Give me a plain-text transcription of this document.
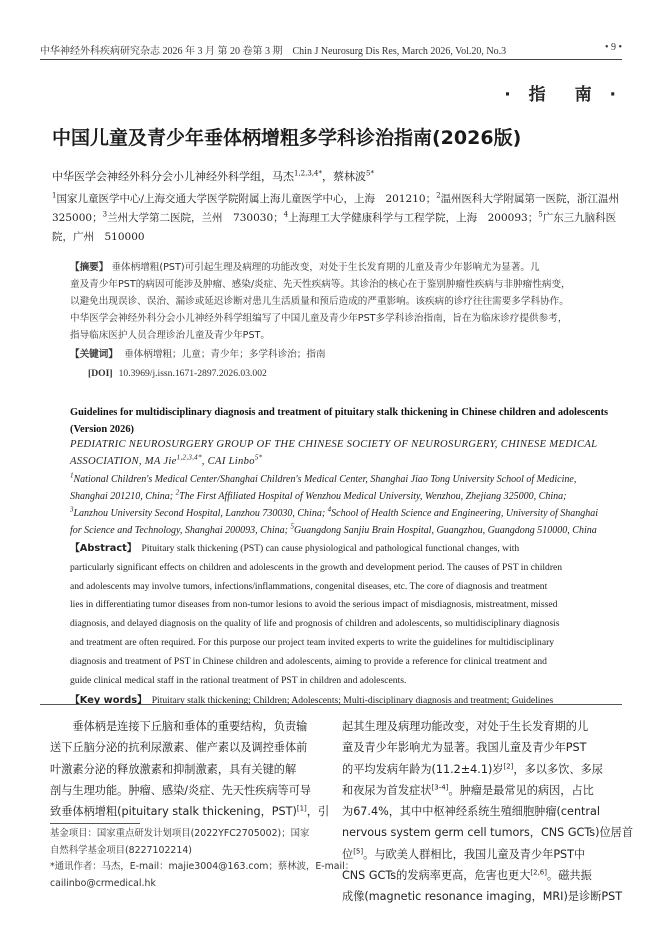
中华神经外科疾病研究杂志 2026 年 3 月 第 20 卷第 3 期　Chin J Neurosurg Dis Res, March 2026, Vol.20, No.3	• 9 •
· 指　南 ·
中国儿童及青少年垂体柄增粗多学科诊治指南(2026版)
中华医学会神经外科分会小儿神经外科学组，马杰$^{1,2,3,4*}$，蔡林波$^{5*}$
$^1$国家儿童医学中心/上海交通大学医学院附属上海儿童医学中心，上海　201210；$^2$温州医科大学附属第一医院，浙江温州　325000；$^3$兰州大学第二医院，兰州　730030；$^4$上海理工大学健康科学与工程学院，上海　200093；$^5$广东三九脑科医院，广州　510000
【摘要】 垂体柄增粗(PST)可引起生理及病理的功能改变，对处于生长发育期的儿童及青少年影响尤为显著。儿
童及青少年PST的病因可能涉及肿瘤、感染/炎症、先天性疾病等。其诊治的核心在于鉴别肿瘤性疾病与非肿瘤性病变，
以避免出现误诊、误治、漏诊或延迟诊断对患儿生活质量和预后造成的严重影响。该疾病的诊疗往往需要多学科协作。
中华医学会神经外科分会小儿神经外科学组编写了中国儿童及青少年PST多学科诊治指南，旨在为临床诊疗提供参考，
指导临床医护人员合理诊治儿童及青少年PST。
【关键词】 垂体柄增粗；儿童；青少年；多学科诊治；指南
[DOI] 10.3969/j.issn.1671-2897.2026.03.002
Guidelines for multidisciplinary diagnosis and treatment of pituitary stalk thickening in Chinese children and adolescents
(Version 2026)
PEDIATRIC NEUROSURGERY GROUP OF THE CHINESE SOCIETY OF NEUROSURGERY, CHINESE MEDICAL
ASSOCIATION, MA Jie$^{1,2,3,4*}$, CAI Linbo$^{5*}$
$^1$National Children's Medical Center/Shanghai Children's Medical Center, Shanghai Jiao Tong University School of Medicine,
Shanghai 201210, China; $^2$The First Affiliated Hospital of Wenzhou Medical University, Wenzhou, Zhejiang 325000, China;
$^3$Lanzhou University Second Hospital, Lanzhou 730030, China; $^4$School of Health Science and Engineering, University of Shanghai
for Science and Technology, Shanghai 200093, China; $^5$Guangdong Sanjiu Brain Hospital, Guangzhou, Guangdong 510000, China
【Abstract】 Pituitary stalk thickening (PST) can cause physiological and pathological functional changes, with
particularly significant effects on children and adolescents in the growth and development period. The causes of PST in children
and adolescents may involve tumors, infections/inflammations, congenital diseases, etc. The core of diagnosis and treatment
lies in differentiating tumor diseases from non-tumor lesions to avoid the serious impact of misdiagnosis, mistreatment, missed
diagnosis, and delayed diagnosis on the quality of life and prognosis of children and adolescents, so multidisciplinary diagnosis
and treatment are often required. For this purpose our project team invited experts to write the guidelines for multidisciplinary
diagnosis and treatment of PST in Chinese children and adolescents, aiming to provide a reference for clinical treatment and
guide clinical medical staff in the rational treatment of PST in children and adolescents.
【Key words】 Pituitary stalk thickening; Children; Adolescents; Multi-disciplinary diagnosis and treatment; Guidelines
　　垂体柄是连接下丘脑和垂体的重要结构，负责输
送下丘脑分泌的抗利尿激素、催产素以及调控垂体前
叶激素分泌的释放激素和抑制激素，具有关键的解
剖与生理功能。肿瘤、感染/炎症、先天性疾病等可导
致垂体柄增粗(pituitary stalk thickening，PST)[1]，引
基金项目：国家重点研发计划项目(2022YFC2705002)；国家
自然科学基金项目(8227102214)
*通讯作者：马杰，E-mail：majie3004@163.com；蔡林波，E-mail：
cailinbo@crmedical.hk
起其生理及病理功能改变，对处于生长发育期的儿
童及青少年影响尤为显著。我国儿童及青少年PST
的平均发病年龄为(11.2±4.1)岁[2]，多以多饮、多尿
和夜尿为首发症状[3-4]。肿瘤是最常见的病因，占比
为67.4%，其中中枢神经系统生殖细胞肿瘤(central
nervous system germ cell tumors，CNS GCTs)位居首
位[5]。与欧美人群相比，我国儿童及青少年PST中
CNS GCTs的发病率更高，危害也更大[2,6]。磁共振
成像(magnetic resonance imaging，MRI)是诊断PST
